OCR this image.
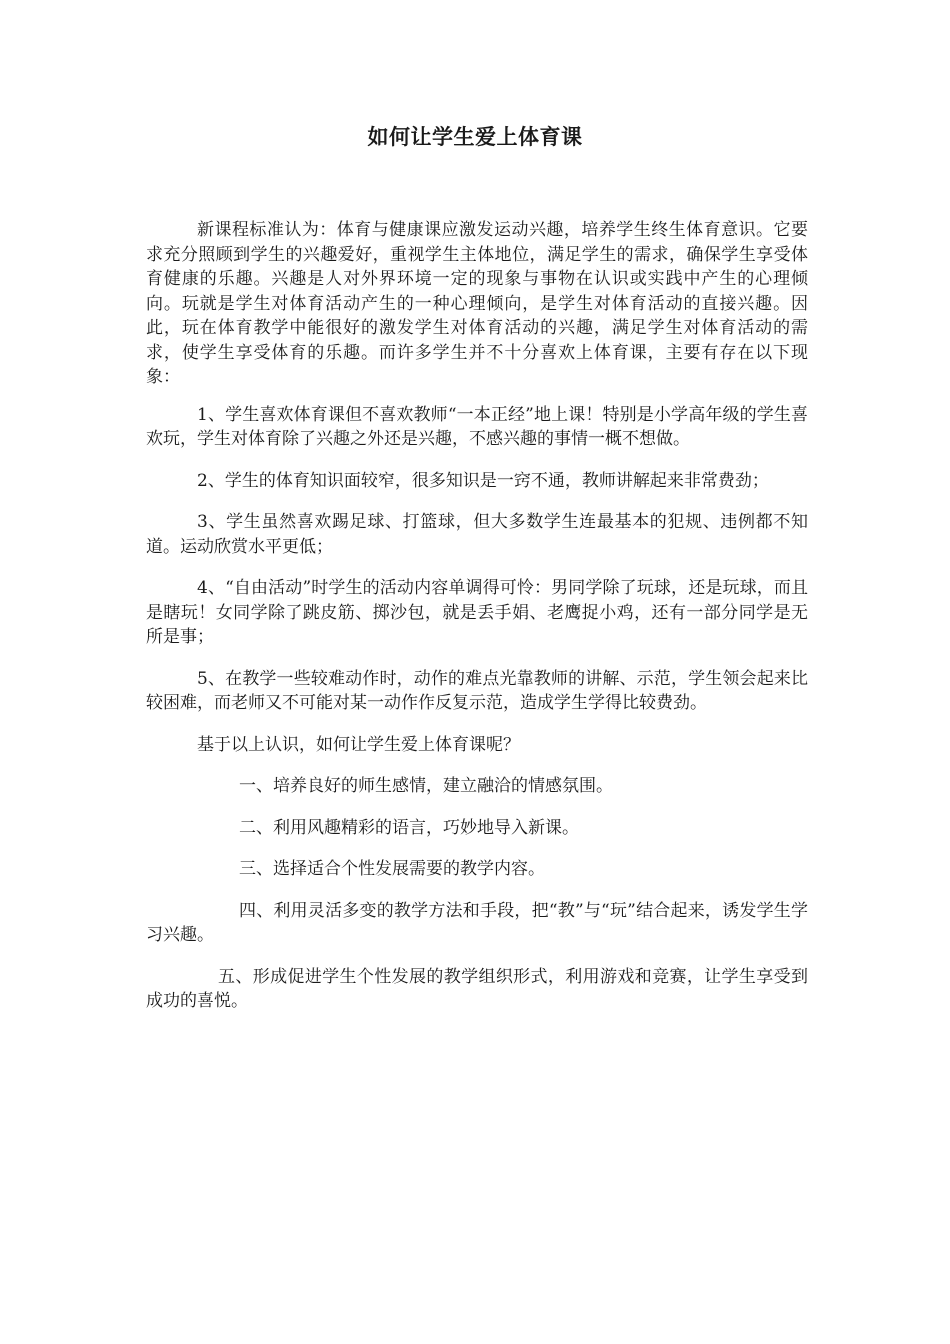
如何让学生爱上体育课

新课程标准认为：体育与健康课应激发运动兴趣，培养学生终生体育意识。它要求充分照顾到学生的兴趣爱好，重视学生主体地位，满足学生的需求，确保学生享受体育健康的乐趣。兴趣是人对外界环境一定的现象与事物在认识或实践中产生的心理倾向。玩就是学生对体育活动产生的一种心理倾向，是学生对体育活动的直接兴趣。因此，玩在体育教学中能很好的激发学生对体育活动的兴趣，满足学生对体育活动的需求，使学生享受体育的乐趣。而许多学生并不十分喜欢上体育课，主要有存在以下现象：

1、学生喜欢体育课但不喜欢教师“一本正经”地上课！特别是小学高年级的学生喜欢玩，学生对体育除了兴趣之外还是兴趣，不感兴趣的事情一概不想做。

2、学生的体育知识面较窄，很多知识是一窍不通，教师讲解起来非常费劲；

3、学生虽然喜欢踢足球、打篮球，但大多数学生连最基本的犯规、违例都不知道。运动欣赏水平更低；

4、“自由活动”时学生的活动内容单调得可怜：男同学除了玩球，还是玩球，而且是瞎玩！女同学除了跳皮筋、掷沙包，就是丢手娟、老鹰捉小鸡，还有一部分同学是无所是事；

5、在教学一些较难动作时，动作的难点光靠教师的讲解、示范，学生领会起来比较困难，而老师又不可能对某一动作作反复示范，造成学生学得比较费劲。

基于以上认识，如何让学生爱上体育课呢？

一、培养良好的师生感情，建立融洽的情感氛围。

二、利用风趣精彩的语言，巧妙地导入新课。

三、选择适合个性发展需要的教学内容。

四、利用灵活多变的教学方法和手段，把“教”与“玩”结合起来，诱发学生学习兴趣。

五、形成促进学生个性发展的教学组织形式，利用游戏和竞赛，让学生享受到成功的喜悦。
